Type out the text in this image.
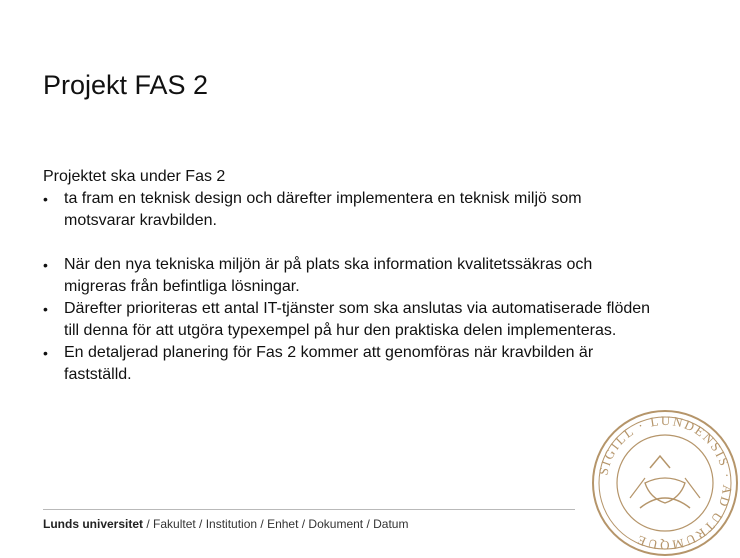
Projekt FAS 2

Projektet ska under Fas 2

• ta fram en teknisk design och därefter implementera en teknisk miljö som motsvarar kravbilden.
• När den nya tekniska miljön är på plats ska information kvalitetssäkras och migreras från befintliga lösningar.
• Därefter prioriteras ett antal IT-tjänster som ska anslutas via automatiserade flöden till denna för att utgöra typexempel på hur den praktiska delen implementeras.
• En detaljerad planering för Fas 2 kommer att genomföras när kravbilden är fastställd.
Lunds universitet / Fakultet / Institution / Enhet / Dokument / Datum
SIGILL · LUNDENSIS · AD UTRUMQUE
